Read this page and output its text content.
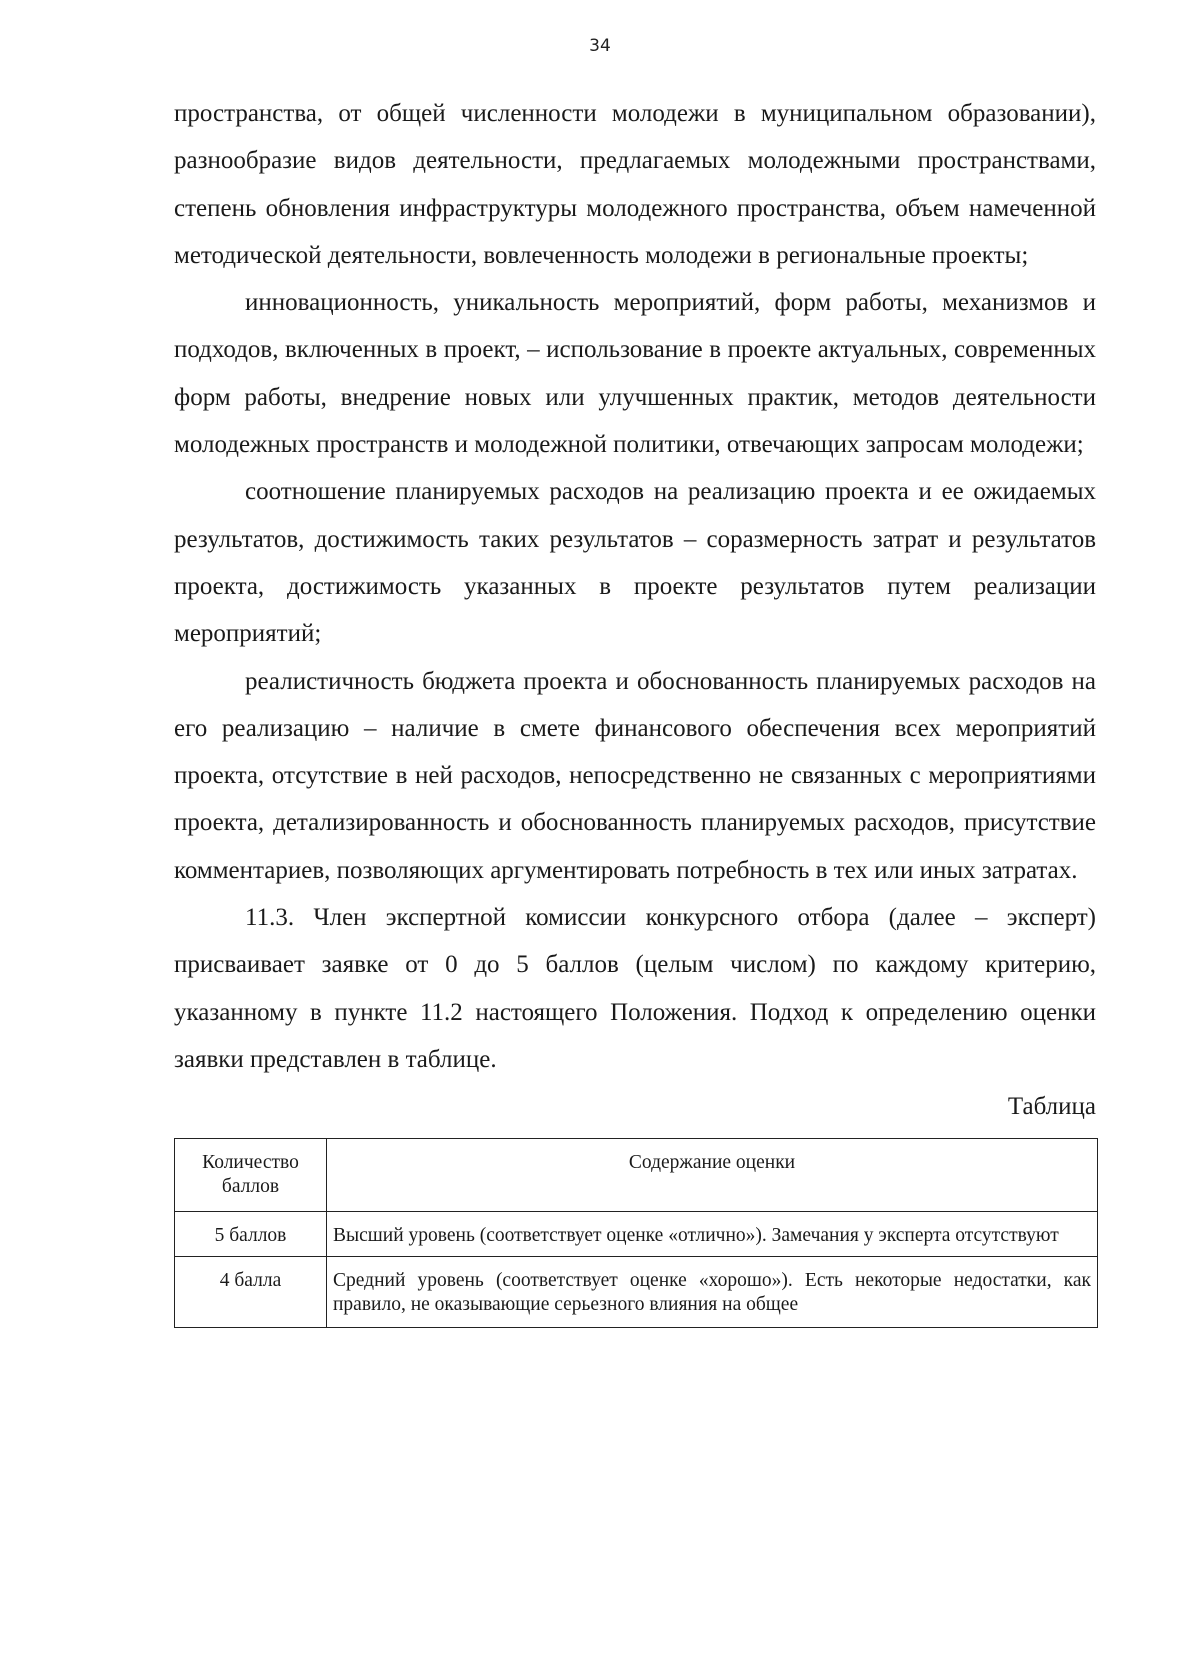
34

пространства, от общей численности молодежи в муниципальном образовании), разнообразие видов деятельности, предлагаемых молодежными пространствами, степень обновления инфраструктуры молодежного пространства, объем намеченной методической деятельности, вовлеченность молодежи в региональные проекты;

инновационность, уникальность мероприятий, форм работы, механизмов и подходов, включенных в проект, – использование в проекте актуальных, современных форм работы, внедрение новых или улучшенных практик, методов деятельности молодежных пространств и молодежной политики, отвечающих запросам молодежи;

соотношение планируемых расходов на реализацию проекта и ее ожидаемых результатов, достижимость таких результатов – соразмерность затрат и результатов проекта, достижимость указанных в проекте результатов путем реализации мероприятий;

реалистичность бюджета проекта и обоснованность планируемых расходов на его реализацию – наличие в смете финансового обеспечения всех мероприятий проекта, отсутствие в ней расходов, непосредственно не связанных с мероприятиями проекта, детализированность и обоснованность планируемых расходов, присутствие комментариев, позволяющих аргументировать потребность в тех или иных затратах.

11.3. Член экспертной комиссии конкурсного отбора (далее – эксперт) присваивает заявке от 0 до 5 баллов (целым числом) по каждому критерию, указанному в пункте 11.2 настоящего Положения. Подход к определению оценки заявки представлен в таблице.

Таблица

Количество баллов	Содержание оценки
5 баллов	Высший уровень (соответствует оценке «отлично»). Замечания у эксперта отсутствуют

4 балла	Средний уровень (соответствует оценке «хорошо»). Есть некоторые недостатки, как правило, не оказывающие серьезного влияния на общее
